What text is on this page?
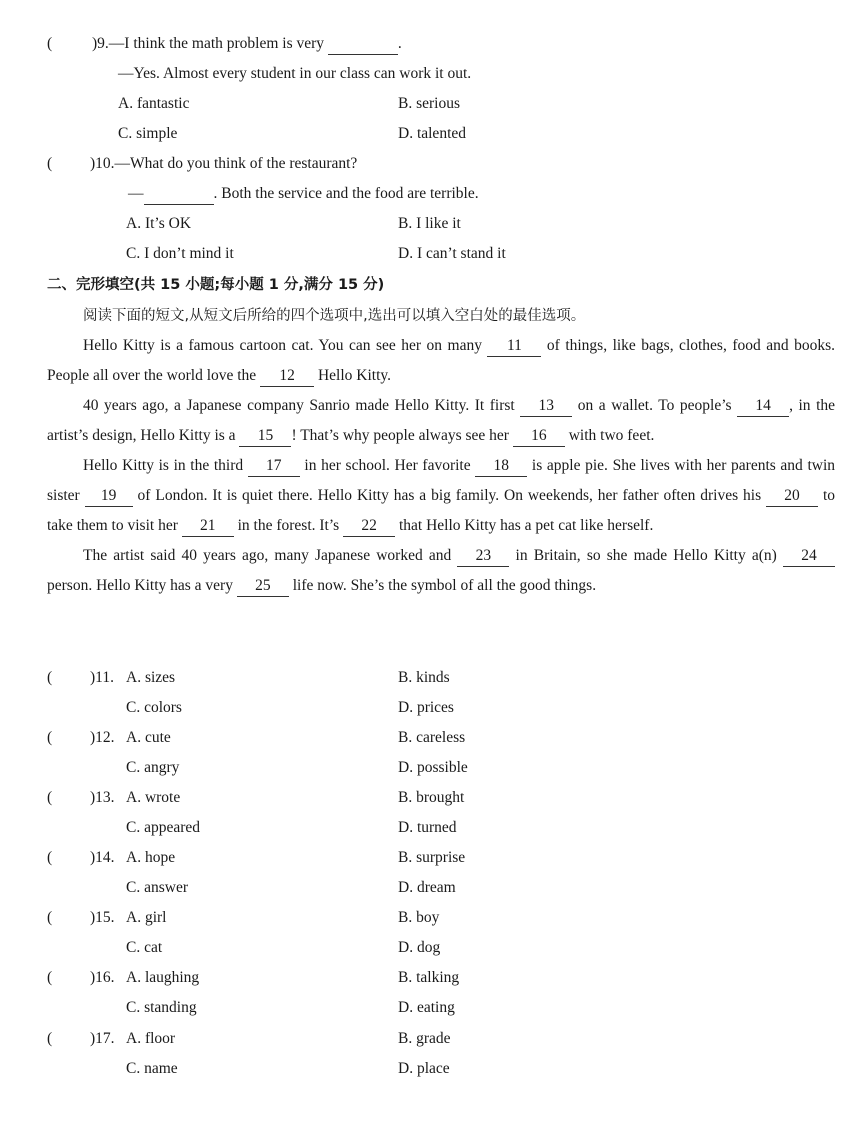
(	)9.—I think the math problem is very	.
—Yes. Almost every student in our class can work it out.
A. fantastic	B. serious
C. simple	D. talented
( )10.—What do you think of the restaurant?
—	. Both the service and the food are terrible.
A. It’s OK	B. I like it
C. I don’t mind it	D. I can’t stand it
二、完形填空(共 15 小题;每小题 1 分,满分 15 分)
阅读下面的短文,从短文后所给的四个选项中,选出可以填入空白处的最佳选项。

Hello Kitty is a famous cartoon cat. You can see her on many 11 of things, like bags, clothes, food and books. People all over the world love the 12 Hello Kitty.

40 years ago, a Japanese company Sanrio made Hello Kitty. It first 13 on a wallet. To people’s 14 , in the artist’s design, Hello Kitty is a 15 ! That’s why people always see her 16 with two feet.

Hello Kitty is in the third 17 in her school. Her favorite 18 is apple pie. She lives with her parents and twin sister 19 of London. It is quiet there. Hello Kitty has a big family. On weekends, her father often drives his 20 to take them to visit her 21 in the forest. It’s 22 that Hello Kitty has a pet cat like herself.

The artist said 40 years ago, many Japanese worked and 23 in Britain, so she made Hello Kitty a(n) 24 person. Hello Kitty has a very 25 life now. She’s the symbol of all the good things.

( )11. A. sizes	B. kinds
C. colors	D. prices
( )12. A. cute	B. careless
C. angry	D. possible
( )13. A. wrote	B. brought
C. appeared	D. turned
( )14. A. hope	B. surprise
C. answer	D. dream
( )15. A. girl	B. boy
C. cat	D. dog
( )16. A. laughing	B. talking
C. standing	D. eating
( )17. A. floor	B. grade
C. name	D. place
